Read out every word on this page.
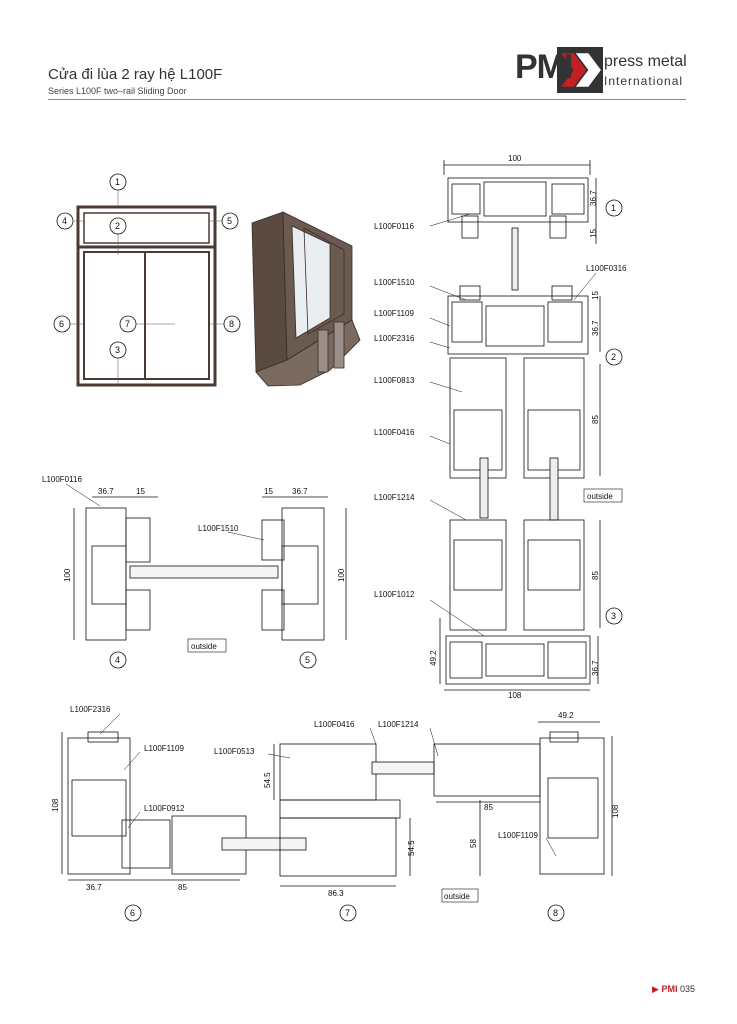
Cửa đi lùa 2 ray hệ L100F
Series L100F two–rail Sliding Door
PMI press metal
International
1
2
4	5
6	7	8
3
1
2
3
4	5
6	7	8
100
36.7
15
15
36.7
85
85
36.7
49.2
108
L100F0116
L100F1510
L100F0316
L100F1109
L100F2316
L100F0813
L100F0416
L100F1214
L100F1012
outside
L100F0116
L100F1510
36.7	15	15 36.7
100	100
outside
L100F2316
L100F1109
L100F0912
L100F0416
L100F0513
L100F1214
L100F1109
108
36.7	85
86.3
54.5
54.5
49.2
85
58
108
outside
▶ PMI 035
